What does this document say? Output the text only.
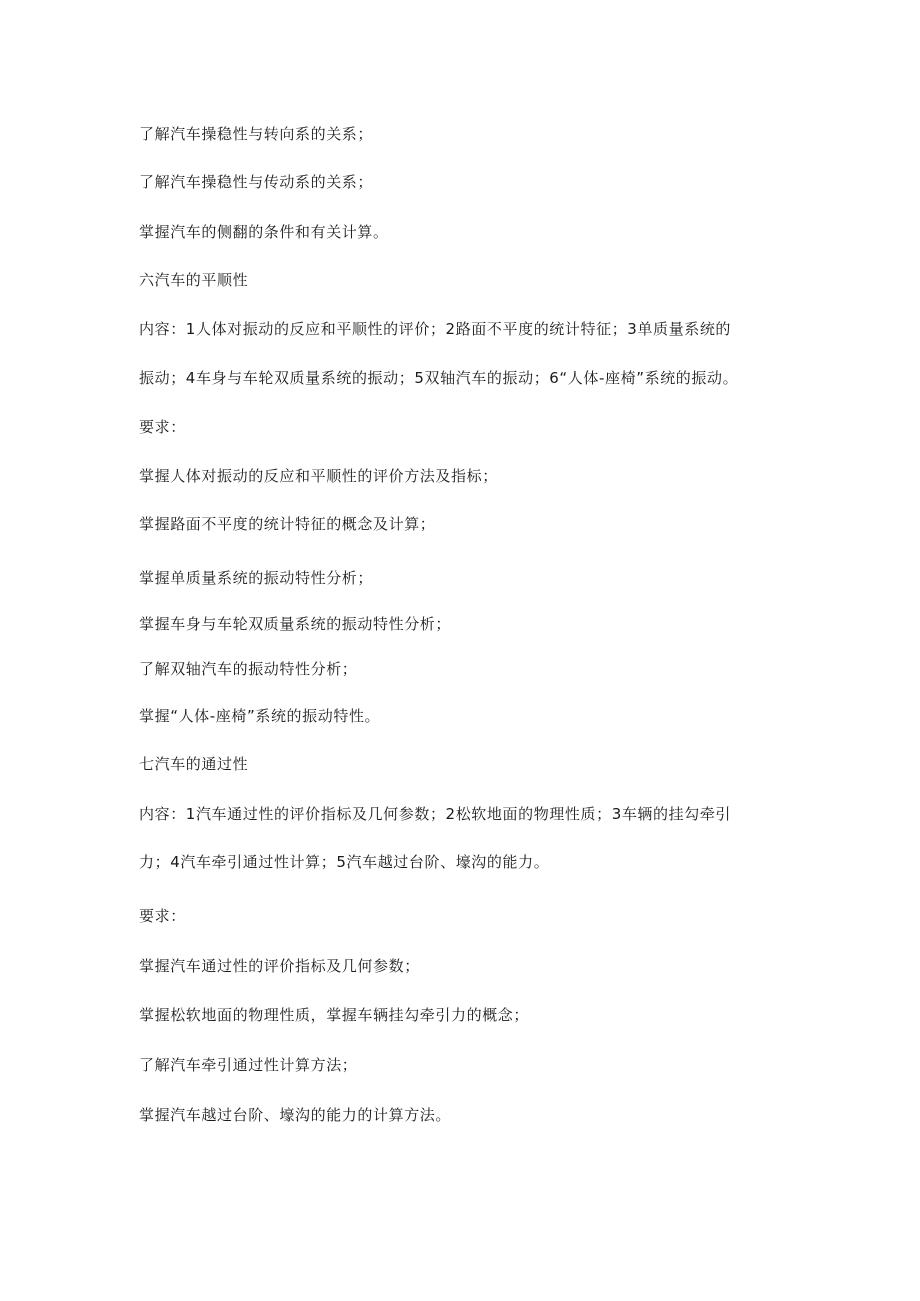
了解汽车操稳性与转向系的关系；
了解汽车操稳性与传动系的关系；
掌握汽车的侧翻的条件和有关计算。
六汽车的平顺性
内容：1人体对振动的反应和平顺性的评价；2路面不平度的统计特征；3单质量系统的
振动；4车身与车轮双质量系统的振动；5双轴汽车的振动；6“人体-座椅”系统的振动。
要求：
掌握人体对振动的反应和平顺性的评价方法及指标；
掌握路面不平度的统计特征的概念及计算；
掌握单质量系统的振动特性分析；
掌握车身与车轮双质量系统的振动特性分析；
了解双轴汽车的振动特性分析；
掌握“人体-座椅”系统的振动特性。
七汽车的通过性
内容：1汽车通过性的评价指标及几何参数；2松软地面的物理性质；3车辆的挂勾牵引
力；4汽车牵引通过性计算；5汽车越过台阶、壕沟的能力。
要求：
掌握汽车通过性的评价指标及几何参数；
掌握松软地面的物理性质，掌握车辆挂勾牵引力的概念；
了解汽车牵引通过性计算方法；
掌握汽车越过台阶、壕沟的能力的计算方法。
